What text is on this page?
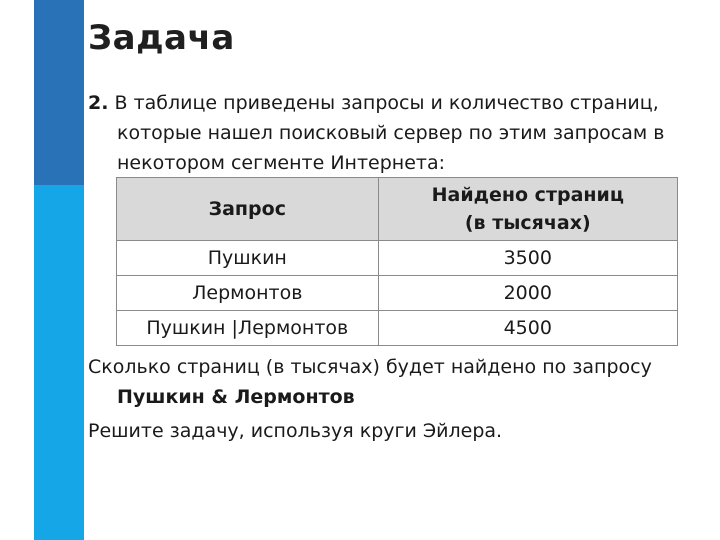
Задача
2. В таблице приведены запросы и количество страниц,
которые нашел поисковый сервер по этим запросам в
некотором сегменте Интернета:
Запрос	Найдено страниц
(в тысячах)

Пушкин	3500
Лермонтов	2000
Пушкин |Лермонтов	4500
Сколько страниц (в тысячах) будет найдено по запросу
Пушкин & Лермонтов
Решите задачу, используя круги Эйлера.
